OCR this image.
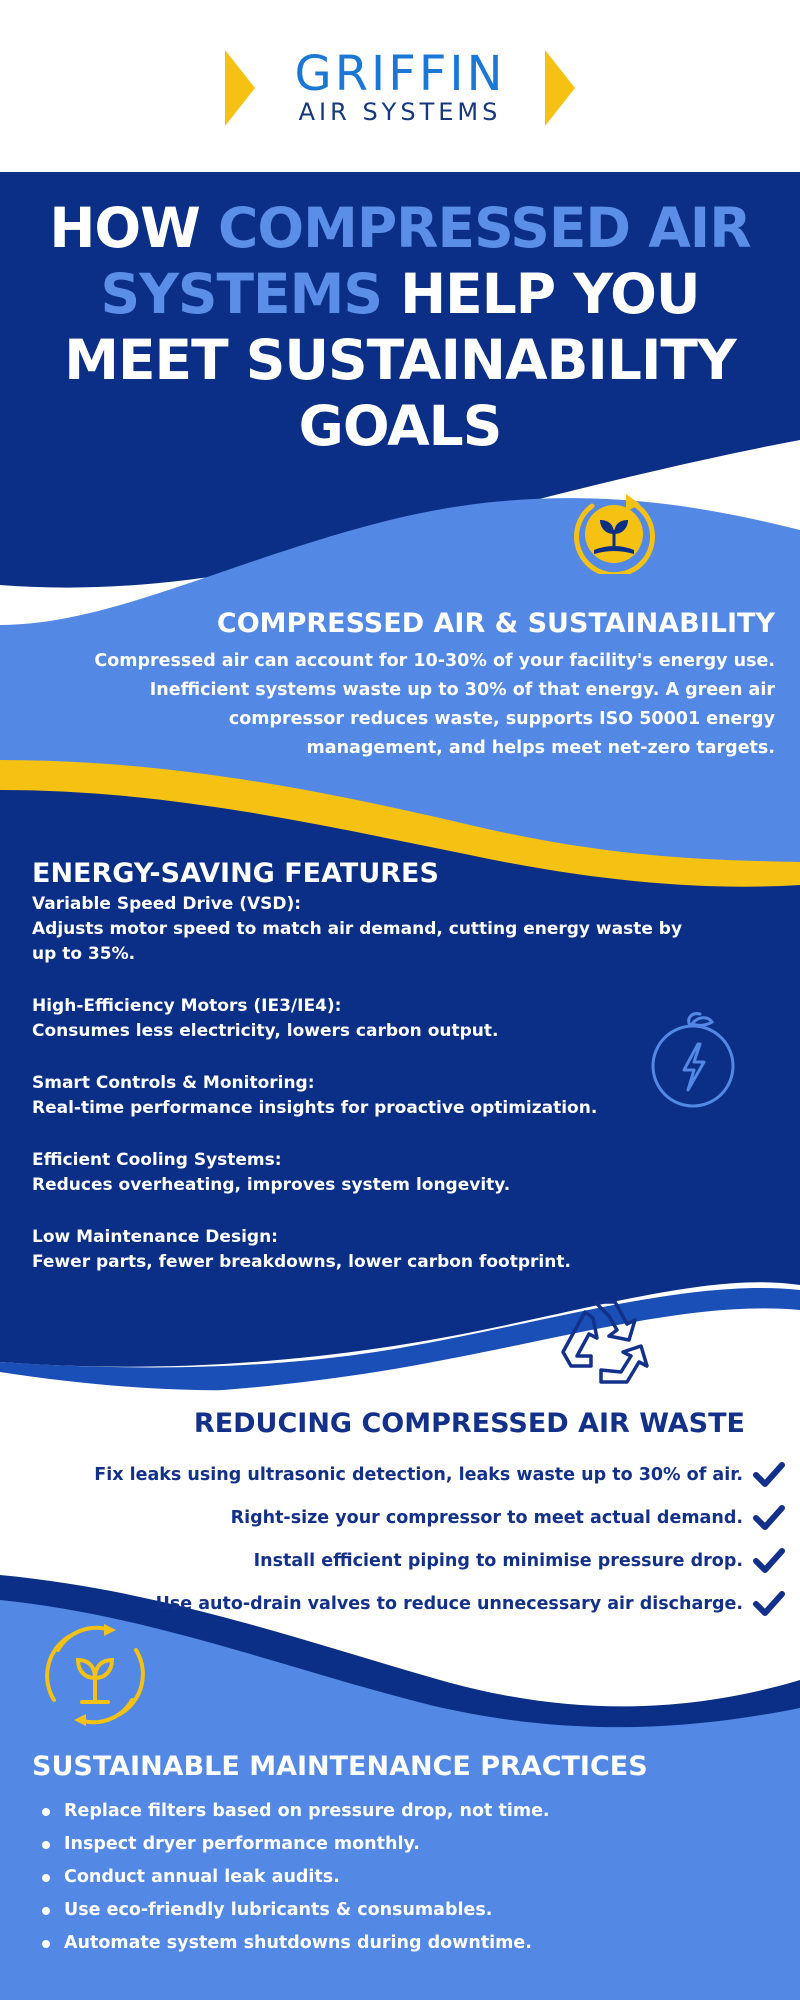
GRIFFIN
AIR SYSTEMS
HOW COMPRESSED AIR
SYSTEMS HELP YOU
MEET SUSTAINABILITY
GOALS
COMPRESSED AIR & SUSTAINABILITY
Compressed air can account for 10-30% of your facility's energy use.
Inefficient systems waste up to 30% of that energy. A green air
compressor reduces waste, supports ISO 50001 energy
management, and helps meet net-zero targets.
ENERGY-SAVING FEATURES
Variable Speed Drive (VSD):
Adjusts motor speed to match air demand, cutting energy waste by up to 35%.
High-Efficiency Motors (IE3/IE4):
Consumes less electricity, lowers carbon output.
Smart Controls & Monitoring:
Real-time performance insights for proactive optimization.
Efficient Cooling Systems:
Reduces overheating, improves system longevity.
Low Maintenance Design:
Fewer parts, fewer breakdowns, lower carbon footprint.
REDUCING COMPRESSED AIR WASTE
Fix leaks using ultrasonic detection, leaks waste up to 30% of air.
Right-size your compressor to meet actual demand.
Install efficient piping to minimise pressure drop.
Use auto-drain valves to reduce unnecessary air discharge.
SUSTAINABLE MAINTENANCE PRACTICES
Replace filters based on pressure drop, not time.
Inspect dryer performance monthly.
Conduct annual leak audits.
Use eco-friendly lubricants & consumables.
Automate system shutdowns during downtime.
